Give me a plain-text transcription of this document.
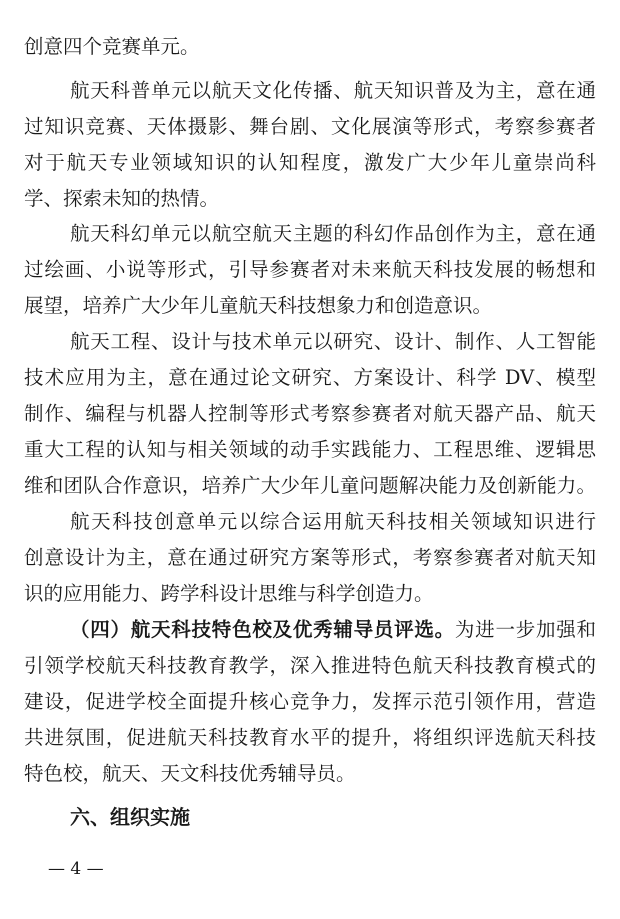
创意四个竞赛单元。
航天科普单元以航天文化传播、航天知识普及为主，意在通
过知识竞赛、天体摄影、舞台剧、文化展演等形式，考察参赛者
对于航天专业领域知识的认知程度，激发广大少年儿童崇尚科
学、探索未知的热情。
航天科幻单元以航空航天主题的科幻作品创作为主，意在通
过绘画、小说等形式，引导参赛者对未来航天科技发展的畅想和
展望，培养广大少年儿童航天科技想象力和创造意识。
航天工程、设计与技术单元以研究、设计、制作、人工智能
技术应用为主，意在通过论文研究、方案设计、科学 DV、模型
制作、编程与机器人控制等形式考察参赛者对航天器产品、航天
重大工程的认知与相关领域的动手实践能力、工程思维、逻辑思
维和团队合作意识，培养广大少年儿童问题解决能力及创新能力。
航天科技创意单元以综合运用航天科技相关领域知识进行
创意设计为主，意在通过研究方案等形式，考察参赛者对航天知
识的应用能力、跨学科设计思维与科学创造力。
（四）航天科技特色校及优秀辅导员评选。为进一步加强和
引领学校航天科技教育教学，深入推进特色航天科技教育模式的
建设，促进学校全面提升核心竞争力，发挥示范引领作用，营造
共进氛围，促进航天科技教育水平的提升，将组织评选航天科技
特色校，航天、天文科技优秀辅导员。
六、组织实施
— 4 —
